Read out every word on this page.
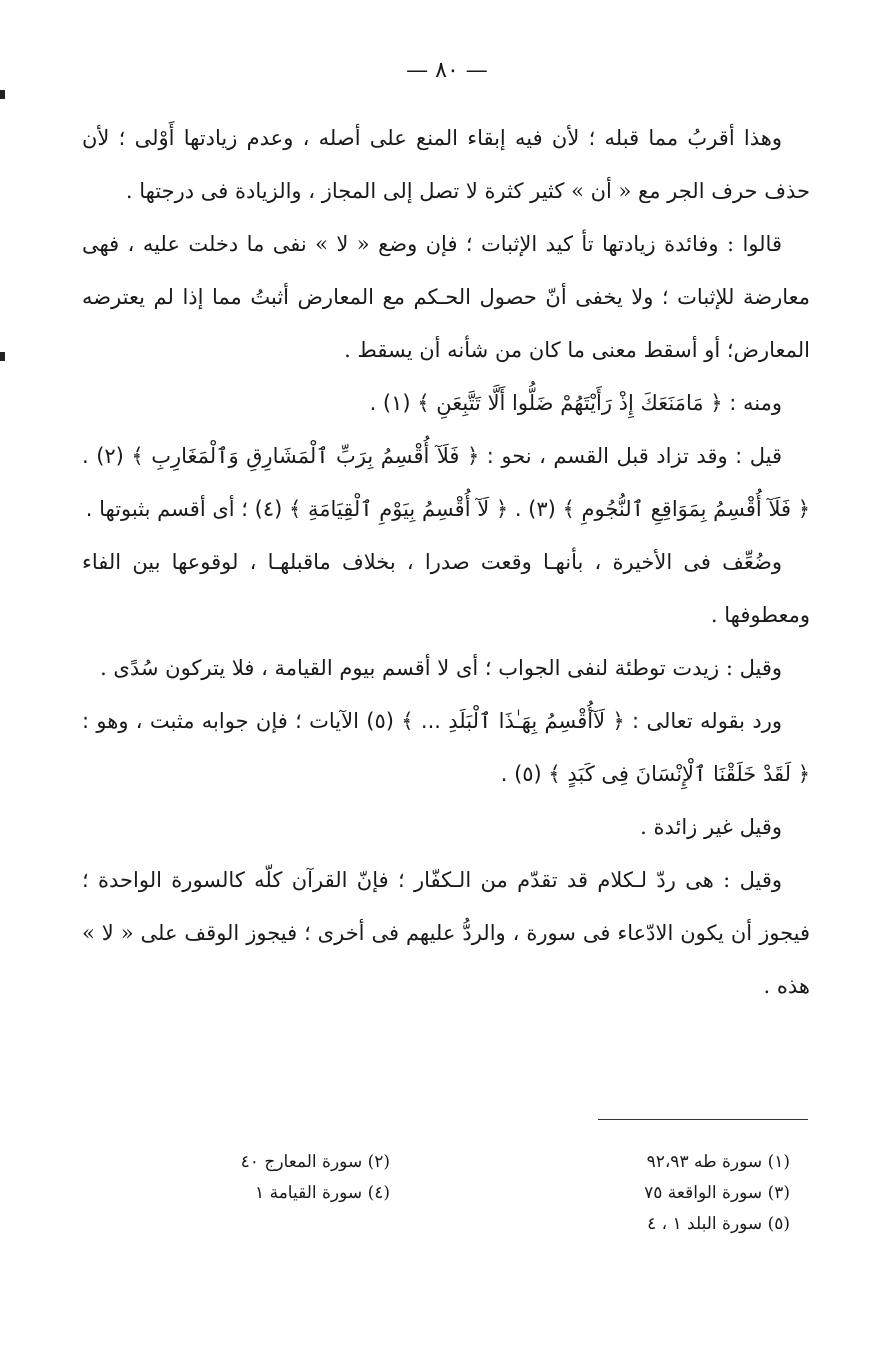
— ٨٠ —

وهذا أقربُ مما قبله ؛ لأن فيه إبقاء المنع على أصله ، وعدم زيادتها أَوْلى ؛ لأن حذف حرف الجر مع « أن » كثير كثرة لا تصل إلى المجاز ، والزيادة فى درجتها .

قالوا : وفائدة زيادتها تأ كيد الإثبات ؛ فإن وضع « لا » نفى ما دخلت عليه ، فهى معارضة للإثبات ؛ ولا يخفى أنّ حصول الحـكم مع المعارض أثبتُ مما إذا لم يعترضه المعارض؛ أو أسقط معنى ما كان من شأنه أن يسقط .

ومنه : ﴿ مَامَنَعَكَ إِذْ رَأَيْتَهُمْ ضَلُّوا أَلَّا تَتَّبِعَنِ ﴾ (١) .

قيل : وقد تزاد قبل القسم ، نحو : ﴿ فَلَآ أُقْسِمُ بِرَبِّ ٱلْمَشَارِقِ وَٱلْمَغَارِبِ ﴾ (٢) . ﴿ فَلَآ أُقْسِمُ بِمَوَاقِعِ ٱلنُّجُومِ ﴾ (٣) . ﴿ لَآ أُقْسِمُ بِيَوْمِ ٱلْقِيَامَةِ ﴾ (٤) ؛ أى أقسم بثبوتها .

وضُعِّف فى الأخيرة ، بأنهـا وقعت صدرا ، بخلاف ماقبلهـا ، لوقوعها بين الفاء ومعطوفها .

وقيل : زيدت توطئة لنفى الجواب ؛ أى لا أقسم بيوم القيامة ، فلا يتركون سُدًى .

ورد بقوله تعالى : ﴿ لَآأُقْسِمُ بِهَـٰذَا ٱلْبَلَدِ ... ﴾ (٥) الآيات ؛ فإن جوابه مثبت ، وهو : ﴿ لَقَدْ خَلَقْنَا ٱلْإِنْسَانَ فِى كَبَدٍ ﴾ (٥) .

وقيل غير زائدة .

وقيل : هى ردّ لـكلام قد تقدّم من الـكفّار ؛ فإنّ القرآن كلّه كالسورة الواحدة ؛ فيجوز أن يكون الادّعاء فى سورة ، والردُّ عليهم فى أخرى ؛ فيجوز الوقف على « لا » هذه .

(١) سورة طه ٩٢،٩٣
(٣) سورة الواقعة ٧٥
(٥) سورة البلد ١ ، ٤
(٢) سورة المعارج ٤٠
(٤) سورة القيامة ١
